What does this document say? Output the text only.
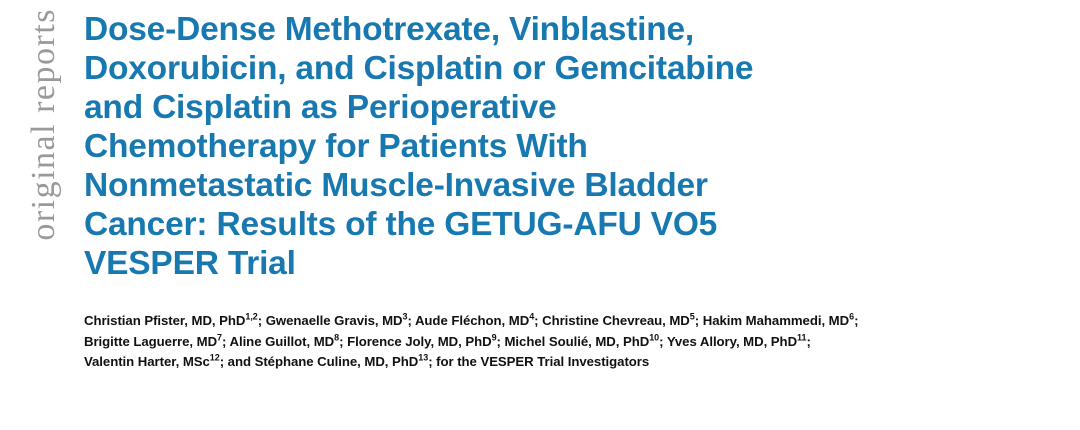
original reports Dose-Dense Methotrexate, Vinblastine, Doxorubicin, and Cisplatin or Gemcitabine and Cisplatin as Perioperative Chemotherapy for Patients With Nonmetastatic Muscle-Invasive Bladder Cancer: Results of the GETUG-AFU VO5 VESPER Trial
Christian Pfister, MD, PhD$^{1,2}$; Gwenaelle Gravis, $MD^3$; Aude Fléchon, $MD^4$; Christine Chevreau, $MD^5$; Hakim Mahammedi, $MD^6$;
Brigitte Laguerre, $MD^7$; Aline Guillot, $MD^8$; Florence Joly, MD, PhD$^9$; Michel Soulié, MD, PhD$^{10}$; Yves Allory, MD, PhD$^{11}$;
Valentin Harter, MSc$^{12}$; and Stéphane Culine, MD, PhD$^{13}$; for the VESPER Trial Investigators
